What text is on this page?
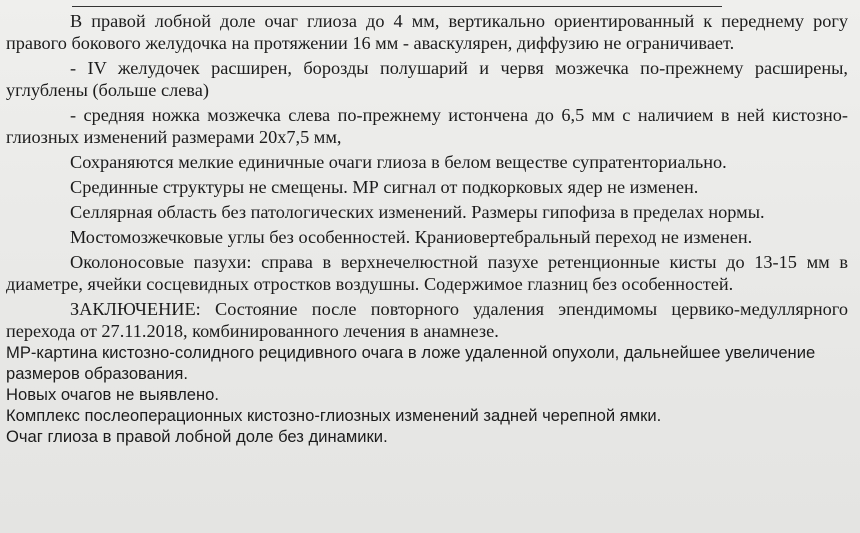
В правой лобной доле очаг глиоза до 4 мм, вертикально ориентированный к переднему рогу правого бокового желудочка на протяжении 16 мм - аваскулярен, диффузию не ограничивает.

- IV желудочек расширен, борозды полушарий и червя мозжечка по-прежнему расширены, углублены (больше слева)

- средняя ножка мозжечка слева по-прежнему истончена до 6,5 мм с наличием в ней кистозно-глиозных изменений размерами 20х7,5 мм,

Сохраняются мелкие единичные очаги глиоза в белом веществе супратенториально.

Срединные структуры не смещены. МР сигнал от подкорковых ядер не изменен.

Селлярная область без патологических изменений. Размеры гипофиза в пределах нормы.

Мостомозжечковые углы без особенностей. Краниовертебральный переход не изменен.

Околоносовые пазухи: справа в верхнечелюстной пазухе ретенционные кисты до 13-15 мм в диаметре, ячейки сосцевидных отростков воздушны. Содержимое глазниц без особенностей.

ЗАКЛЮЧЕНИЕ: Состояние после повторного удаления эпендимомы цервико-медуллярного перехода от 27.11.2018, комбинированного лечения в анамнезе.

МР-картина кистозно-солидного рецидивного очага в ложе удаленной опухоли, дальнейшее увеличение размеров образования.

Новых очагов не выявлено.

Комплекс послеоперационных кистозно-глиозных изменений задней черепной ямки.

Очаг глиоза в правой лобной доле без динамики.
